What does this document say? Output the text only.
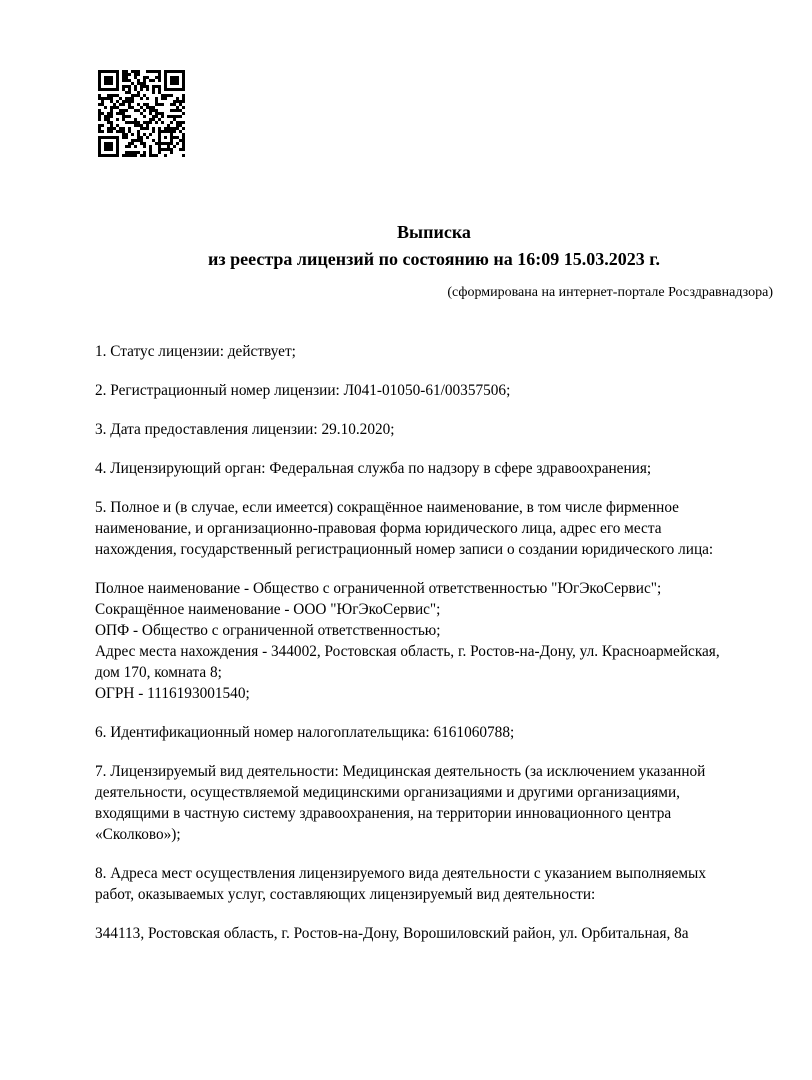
Выписка
из реестра лицензий по состоянию на 16:09 15.03.2023 г.
(сформирована на интернет-портале Росздравнадзора)
1. Статус лицензии: действует;
2. Регистрационный номер лицензии: Л041-01050-61/00357506;
3. Дата предоставления лицензии: 29.10.2020;
4. Лицензирующий орган: Федеральная служба по надзору в сфере здравоохранения;
5. Полное и (в случае, если имеется) сокращённое наименование, в том числе фирменное
наименование, и организационно-правовая форма юридического лица, адрес его места
нахождения, государственный регистрационный номер записи о создании юридического лица:
Полное наименование - Общество с ограниченной ответственностью "ЮгЭкоСервис";
Сокращённое наименование - ООО "ЮгЭкоСервис";
ОПФ - Общество с ограниченной ответственностью;
Адрес места нахождения - 344002, Ростовская область, г. Ростов-на-Дону, ул. Красноармейская,
дом 170, комната 8;
ОГРН - 1116193001540;
6. Идентификационный номер налогоплательщика: 6161060788;
7. Лицензируемый вид деятельности: Медицинская деятельность (за исключением указанной
деятельности, осуществляемой медицинскими организациями и другими организациями,
входящими в частную систему здравоохранения, на территории инновационного центра
«Сколково»);
8. Адреса мест осуществления лицензируемого вида деятельности с указанием выполняемых
работ, оказываемых услуг, составляющих лицензируемый вид деятельности:
344113, Ростовская область, г. Ростов-на-Дону, Ворошиловский район, ул. Орбитальная, 8а
